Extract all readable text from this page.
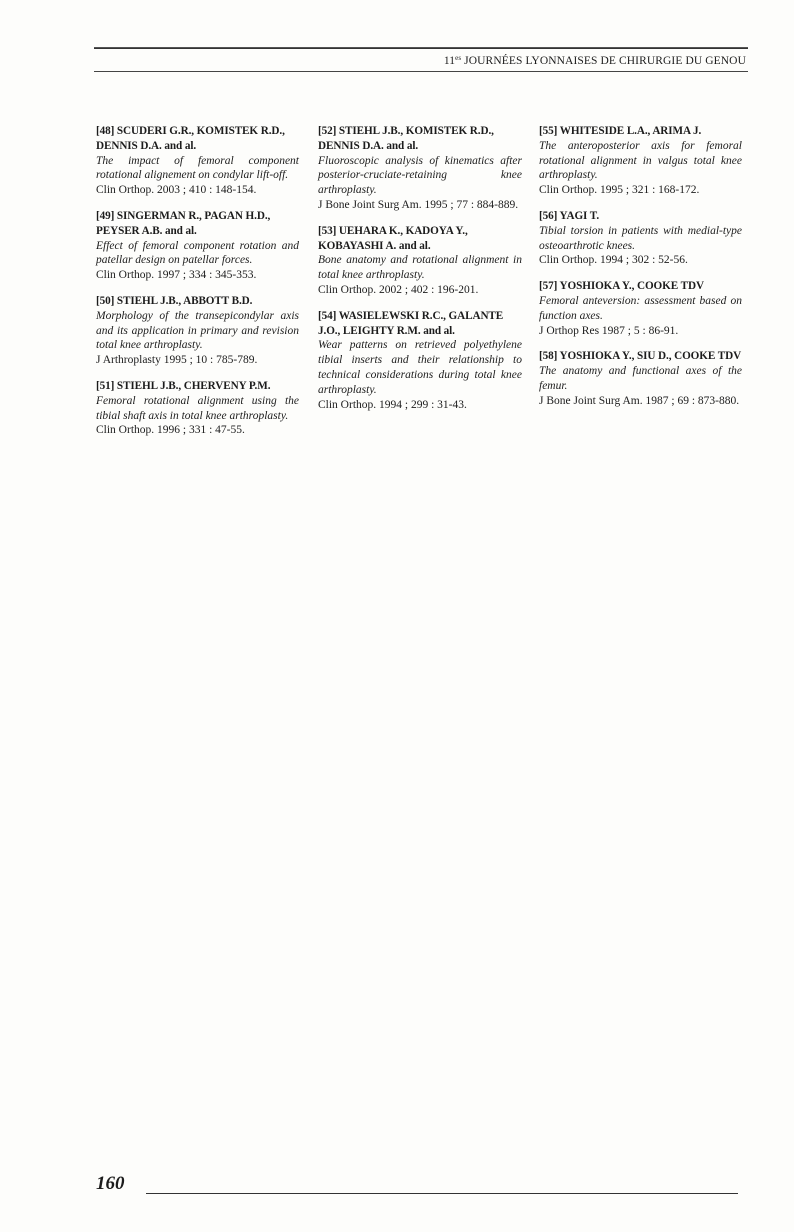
$11^{es}$ JOURNÉES LYONNAISES DE CHIRURGIE DU GENOU
[48] SCUDERI G.R., KOMISTEK R.D., DENNIS D.A. and al.
The impact of femoral component rotational alignement on condylar lift-off.
Clin Orthop. 2003 ; 410 : 148-154.
[49] SINGERMAN R., PAGAN H.D., PEYSER A.B. and al.
Effect of femoral component rotation and patellar design on patellar forces.
Clin Orthop. 1997 ; 334 : 345-353.
[50] STIEHL J.B., ABBOTT B.D.
Morphology of the transepicondylar axis and its application in primary and revision total knee arthroplasty.
J Arthroplasty 1995 ; 10 : 785-789.
[51] STIEHL J.B., CHERVENY P.M.
Femoral rotational alignment using the tibial shaft axis in total knee arthroplasty.
Clin Orthop. 1996 ; 331 : 47-55.
[52] STIEHL J.B., KOMISTEK R.D., DENNIS D.A. and al.
Fluoroscopic analysis of kinematics after posterior-cruciate-retaining knee arthroplasty.
J Bone Joint Surg Am. 1995 ; 77 : 884-889.
[53] UEHARA K., KADOYA Y., KOBAYASHI A. and al.
Bone anatomy and rotational alignment in total knee arthroplasty.
Clin Orthop. 2002 ; 402 : 196-201.
[54] WASIELEWSKI R.C., GALANTE J.O., LEIGHTY R.M. and al.
Wear patterns on retrieved polyethylene tibial inserts and their relationship to technical considerations during total knee arthroplasty.
Clin Orthop. 1994 ; 299 : 31-43.
[55] WHITESIDE L.A., ARIMA J.
The anteroposterior axis for femoral rotational alignment in valgus total knee arthroplasty.
Clin Orthop. 1995 ; 321 : 168-172.
[56] YAGI T.
Tibial torsion in patients with medial-type osteoarthrotic knees.
Clin Orthop. 1994 ; 302 : 52-56.
[57] YOSHIOKA Y., COOKE TDV
Femoral anteversion: assessment based on function axes.
J Orthop Res 1987 ; 5 : 86-91.
[58] YOSHIOKA Y., SIU D., COOKE TDV
The anatomy and functional axes of the femur.
J Bone Joint Surg Am. 1987 ; 69 : 873-880.
160
